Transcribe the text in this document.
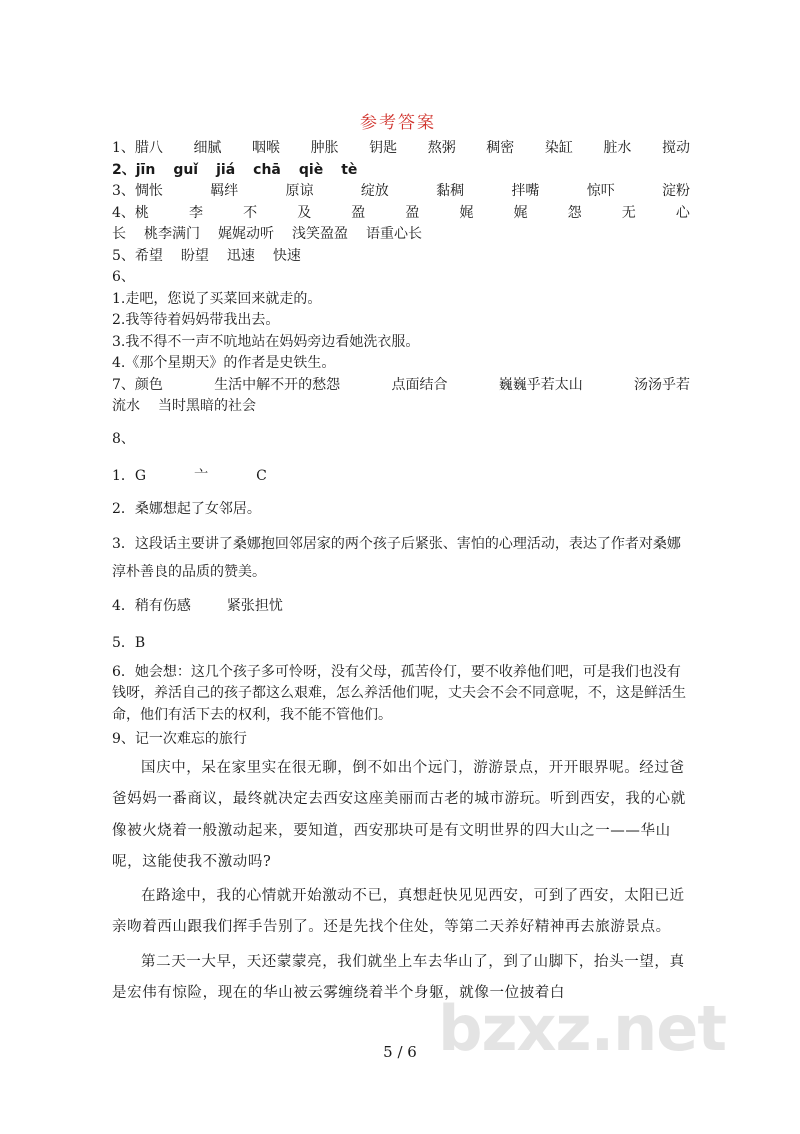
参考答案
1、腊八 细腻 咽喉 肿胀 钥匙 熬粥 稠密 染缸 脏水 搅动
2、jīn guǐ jiá chā qiè tè
3、惆怅	羁绊	原谅	绽放	黏稠	拌嘴	惊吓	淀粉
4、桃	李	不	及	盈	盈	娓	娓	怨	无	心
长 桃李满门 娓娓动听 浅笑盈盈 语重心长
5、希望 盼望 迅速 快速
6、
1.走吧，您说了买菜回来就走的。
2.我等待着妈妈带我出去。
3.我不得不一声不吭地站在妈妈旁边看她洗衣服。
4.《那个星期天》的作者是史铁生。
7、颜色	生活中解不开的愁怨	点面结合	巍巍乎若太山	汤汤乎若
流水 当时黑暗的社会
8、
1．G	亠	C
2．桑娜想起了女邻居。
3．这段话主要讲了桑娜抱回邻居家的两个孩子后紧张、害怕的心理活动，表达了作者对桑娜淳朴善良的品质的赞美。
4．稍有伤感	紧张担忧
5．B
6．她会想：这几个孩子多可怜呀，没有父母，孤苦伶仃，要不收养他们吧，可是我们也没有钱呀，养活自己的孩子都这么艰难，怎么养活他们呢，丈夫会不会不同意呢，不，这是鲜活生命，他们有活下去的权利，我不能不管他们。
9、记一次难忘的旅行

国庆中，呆在家里实在很无聊，倒不如出个远门，游游景点，开开眼界呢。经过爸爸妈妈一番商议，最终就决定去西安这座美丽而古老的城市游玩。听到西安，我的心就像被火烧着一般激动起来，要知道，西安那块可是有文明世界的四大山之一——华山呢，这能使我不激动吗?

在路途中，我的心情就开始激动不已，真想赶快见见西安，可到了西安，太阳已近亲吻着西山跟我们挥手告别了。还是先找个住处，等第二天养好精神再去旅游景点。

第二天一大早，天还蒙蒙亮，我们就坐上车去华山了，到了山脚下，抬头一望，真是宏伟有惊险，现在的华山被云雾缠绕着半个身躯，就像一位披着白

5 / 6 bzxz.net
